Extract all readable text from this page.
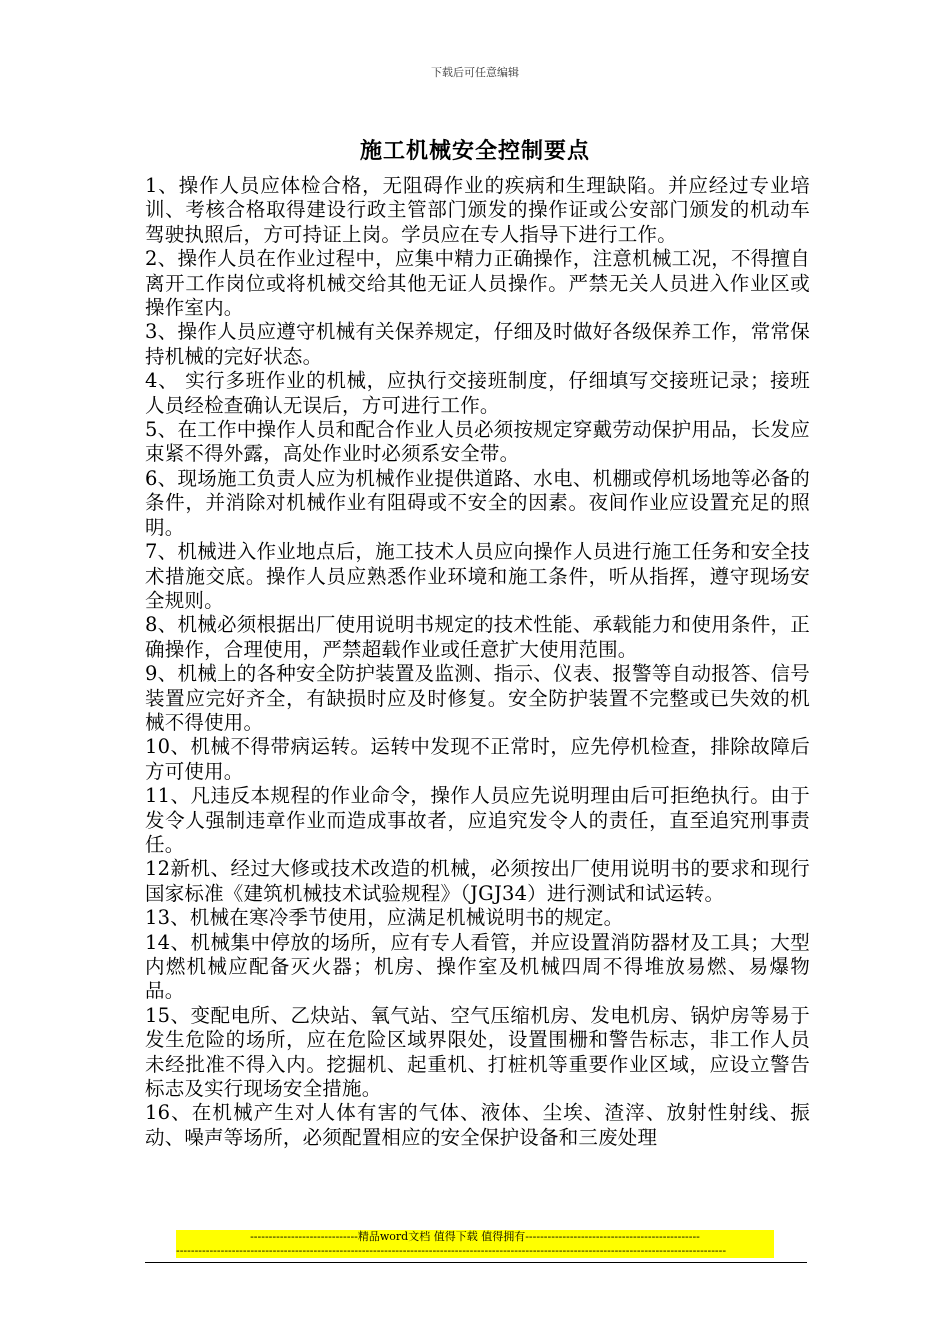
下载后可任意编辑
施工机械安全控制要点

1、操作人员应体检合格，无阻碍作业的疾病和生理缺陷。并应经过专业培训、考核合格取得建设行政主管部门颁发的操作证或公安部门颁发的机动车驾驶执照后，方可持证上岗。学员应在专人指导下进行工作。

2、操作人员在作业过程中，应集中精力正确操作，注意机械工况，不得擅自离开工作岗位或将机械交给其他无证人员操作。严禁无关人员进入作业区或操作室内。

3、操作人员应遵守机械有关保养规定，仔细及时做好各级保养工作，常常保持机械的完好状态。

4、 实行多班作业的机械，应执行交接班制度，仔细填写交接班记录；接班人员经检查确认无误后，方可进行工作。

5、在工作中操作人员和配合作业人员必须按规定穿戴劳动保护用品，长发应束紧不得外露，高处作业时必须系安全带。

6、现场施工负责人应为机械作业提供道路、水电、机棚或停机场地等必备的条件，并消除对机械作业有阻碍或不安全的因素。夜间作业应设置充足的照明。

7、机械进入作业地点后，施工技术人员应向操作人员进行施工任务和安全技术措施交底。操作人员应熟悉作业环境和施工条件，听从指挥，遵守现场安全规则。

8、机械必须根据出厂使用说明书规定的技术性能、承载能力和使用条件，正确操作，合理使用，严禁超载作业或任意扩大使用范围。

9、机械上的各种安全防护装置及监测、指示、仪表、报警等自动报答、信号装置应完好齐全，有缺损时应及时修复。安全防护装置不完整或已失效的机械不得使用。

10、机械不得带病运转。运转中发现不正常时，应先停机检查，排除故障后方可使用。

11、凡违反本规程的作业命令，操作人员应先说明理由后可拒绝执行。由于发令人强制违章作业而造成事故者，应追究发令人的责任，直至追究刑事责任。

12新机、经过大修或技术改造的机械，必须按出厂使用说明书的要求和现行国家标准《建筑机械技术试验规程》（JGJ34）进行测试和试运转。

13、机械在寒冷季节使用，应满足机械说明书的规定。

14、机械集中停放的场所，应有专人看管，并应设置消防器材及工具；大型内燃机械应配备灭火器；机房、操作室及机械四周不得堆放易燃、易爆物品。

15、变配电所、乙炔站、氧气站、空气压缩机房、发电机房、锅炉房等易于发生危险的场所，应在危险区域界限处，设置围栅和警告标志，非工作人员未经批准不得入内。挖掘机、起重机、打桩机等重要作业区域，应设立警告标志及实行现场安全措施。

16、在机械产生对人体有害的气体、液体、尘埃、渣滓、放射性射线、振动、噪声等场所，必须配置相应的安全保护设备和三废处理

-----------------------------精品word文档 值得下载 值得拥有-----------------------------------------------
----------------------------------------------------------------------------------------------------------------------------------------------------
